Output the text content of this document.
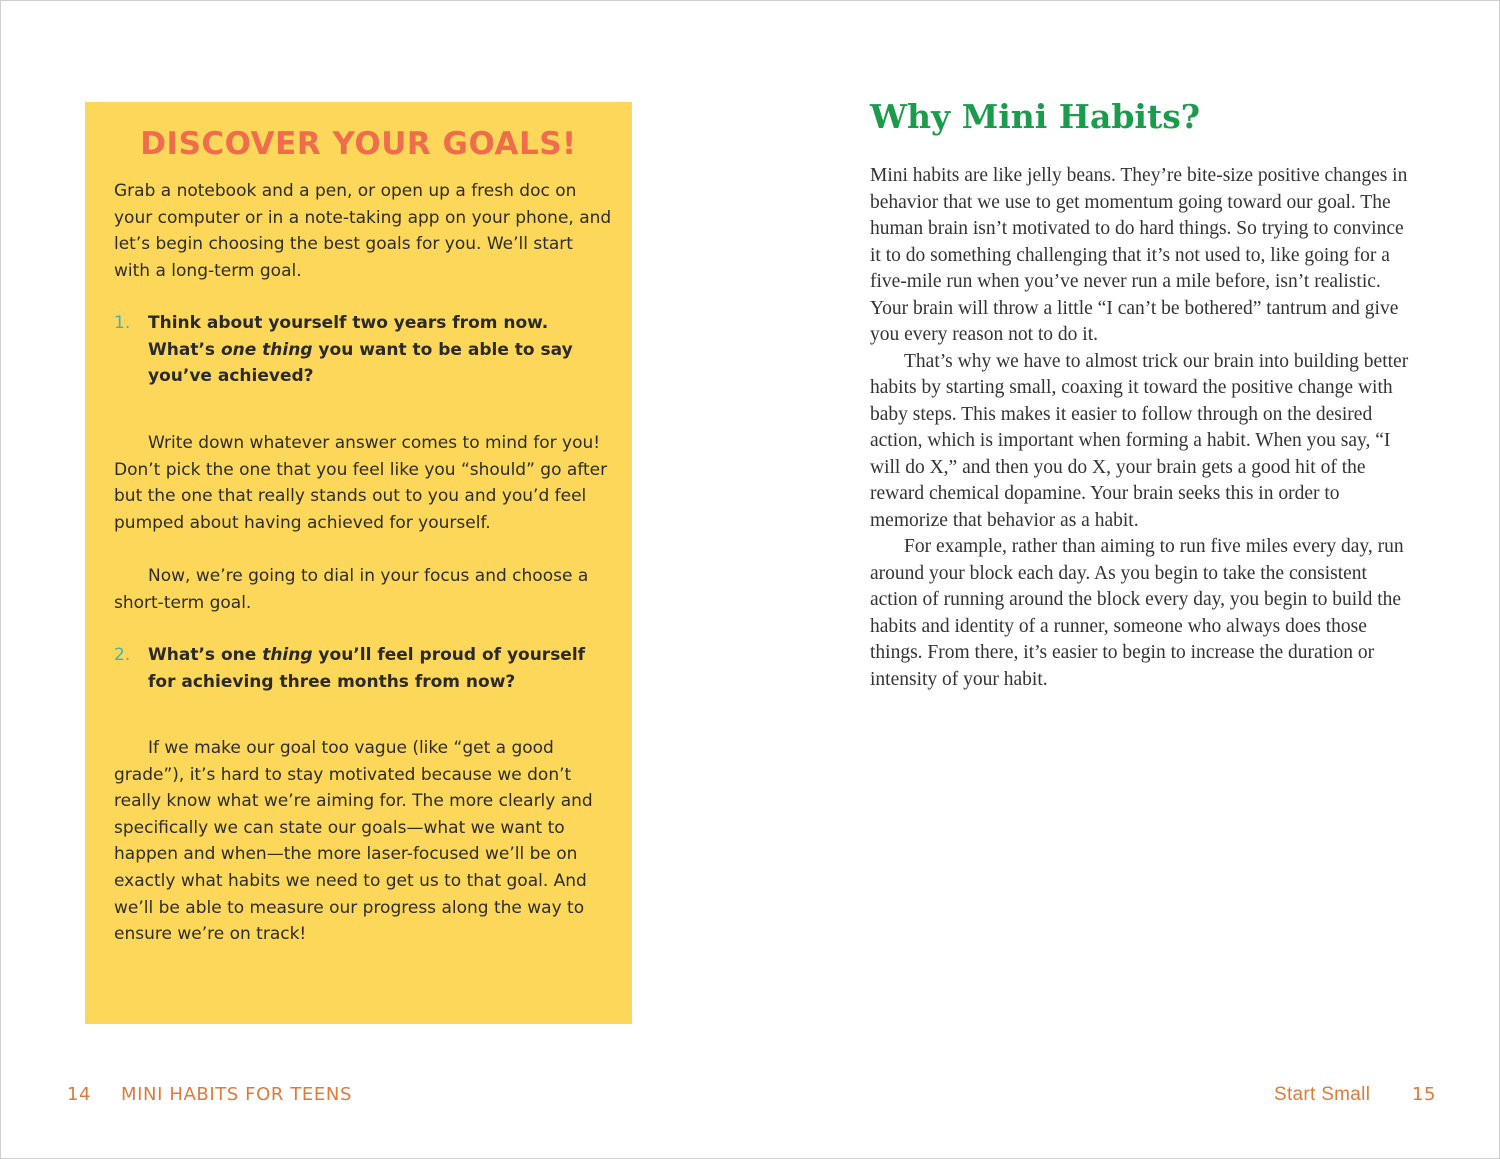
DISCOVER YOUR GOALS!

Grab a notebook and a pen, or open up a fresh doc on your computer or in a note-taking app on your phone, and let’s begin choosing the best goals for you. We’ll start with a long-term goal.

1. Think about yourself two years from now. What’s one thing you want to be able to say you’ve achieved?

Write down whatever answer comes to mind for you! Don’t pick the one that you feel like you “should” go after but the one that really stands out to you and you’d feel pumped about having achieved for yourself.

Now, we’re going to dial in your focus and choose a short-term goal.

2. What’s one thing you’ll feel proud of yourself for achieving three months from now?

If we make our goal too vague (like “get a good grade”), it’s hard to stay motivated because we don’t really know what we’re aiming for. The more clearly and specifically we can state our goals—what we want to happen and when—the more laser-focused we’ll be on exactly what habits we need to get us to that goal. And we’ll be able to measure our progress along the way to ensure we’re on track!

Why Mini Habits?

Mini habits are like jelly beans. They’re bite-size positive changes in behavior that we use to get momentum going toward our goal. The human brain isn’t motivated to do hard things. So trying to convince it to do something challenging that it’s not used to, like going for a five-mile run when you’ve never run a mile before, isn’t realistic. Your brain will throw a little “I can’t be bothered” tantrum and give you every reason not to do it.

That’s why we have to almost trick our brain into building better habits by starting small, coaxing it toward the positive change with baby steps. This makes it easier to follow through on the desired action, which is important when forming a habit. When you say, “I will do X,” and then you do X, your brain gets a good hit of the reward chemical dopamine. Your brain seeks this in order to memorize that behavior as a habit.

For example, rather than aiming to run five miles every day, run around your block each day. As you begin to take the consistent action of running around the block every day, you begin to build the habits and identity of a runner, someone who always does those things. From there, it’s easier to begin to increase the duration or intensity of your habit.

14 MINI HABITS FOR TEENS	Start Small 15
